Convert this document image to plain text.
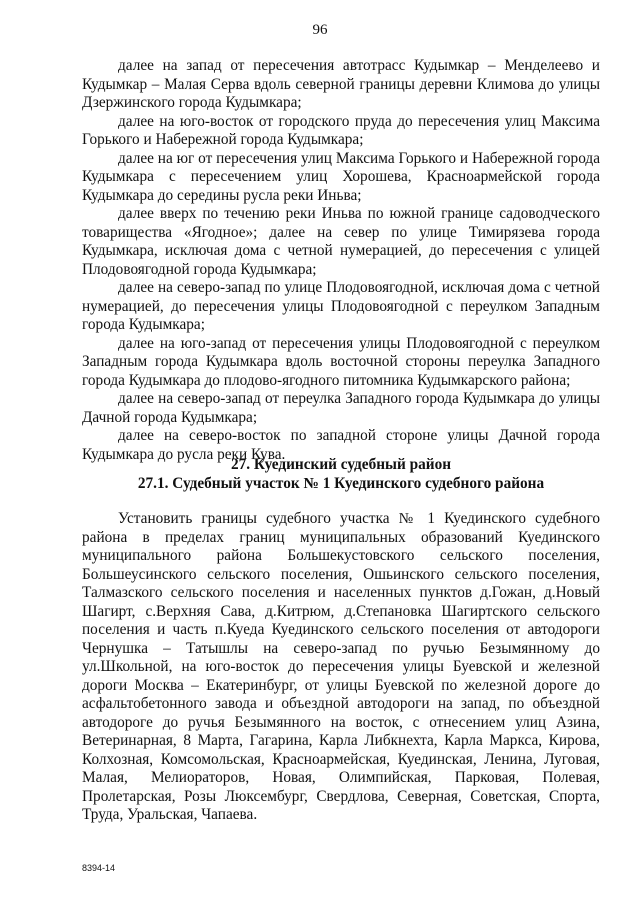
96

далее на запад от пересечения автотрасс Кудымкар – Менделеево и Кудымкар – Малая Серва вдоль северной границы деревни Климова до улицы Дзержинского города Кудымкара;

далее на юго-восток от городского пруда до пересечения улиц Максима Горького и Набережной города Кудымкара;

далее на юг от пересечения улиц Максима Горького и Набережной города Кудымкара с пересечением улиц Хорошева, Красноармейской города Кудымкара до середины русла реки Иньва;

далее вверх по течению реки Иньва по южной границе садоводческого товарищества «Ягодное»; далее на север по улице Тимирязева города Кудымкара, исключая дома с четной нумерацией, до пересечения с улицей Плодовоягодной города Кудымкара;

далее на северо-запад по улице Плодовоягодной, исключая дома с четной нумерацией, до пересечения улицы Плодовоягодной с переулком Западным города Кудымкара;

далее на юго-запад от пересечения улицы Плодовоягодной с переулком Западным города Кудымкара вдоль восточной стороны переулка Западного города Кудымкара до плодово-ягодного питомника Кудымкарского района;

далее на северо-запад от переулка Западного города Кудымкара до улицы Дачной города Кудымкара;

далее на северо-восток по западной стороне улицы Дачной города Кудымкара до русла реки Кува.

27. Куединский судебный район
27.1. Судебный участок № 1 Куединского судебного района

Установить границы судебного участка № 1 Куединского судебного района в пределах границ муниципальных образований Куединского муниципального района Большекустовского сельского поселения, Большеусинского сельского поселения, Ошьинского сельского поселения, Талмазского сельского поселения и населенных пунктов д.Гожан, д.Новый Шагирт, с.Верхняя Сава, д.Китрюм, д.Степановка Шагиртского сельского поселения и часть п.Куеда Куединского сельского поселения от автодороги Чернушка – Татышлы на северо-запад по ручью Безымянному до ул.Школьной, на юго-восток до пересечения улицы Буевской и железной дороги Москва – Екатеринбург, от улицы Буевской по железной дороге до асфальтобетонного завода и объездной автодороги на запад, по объездной автодороге до ручья Безымянного на восток, с отнесением улиц Азина, Ветеринарная, 8 Марта, Гагарина, Карла Либкнехта, Карла Маркса, Кирова, Колхозная, Комсомольская, Красноармейская, Куединская, Ленина, Луговая, Малая, Мелиораторов, Новая, Олимпийская, Парковая, Полевая, Пролетарская, Розы Люксембург, Свердлова, Северная, Советская, Спорта, Труда, Уральская, Чапаева.

8394-14
